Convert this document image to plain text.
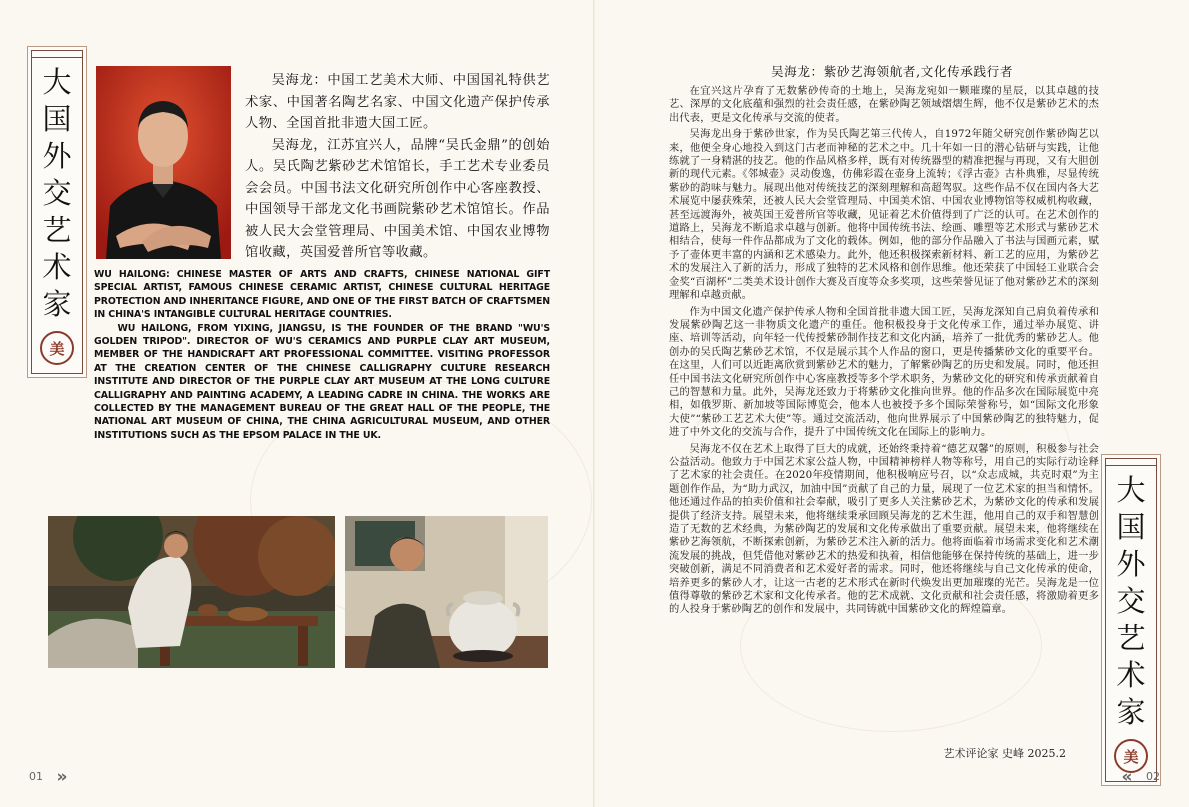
大
国
外
交
艺
术
家
美

吴海龙：中国工艺美术大师、中国国礼特供艺术家、中国著名陶艺名家、中国文化遗产保护传承人物、全国首批非遗大国工匠。

吴海龙，江苏宜兴人，品牌“吴氏金鼎”的创始人。吴氏陶艺紫砂艺术馆馆长，手工艺术专业委员会会员。中国书法文化研究所创作中心客座教授、中国领导干部龙文化书画院紫砂艺术馆馆长。作品被人民大会堂管理局、中国美术馆、中国农业博物馆收藏，英国爱普所官等收藏。

WU HAILONG: CHINESE MASTER OF ARTS AND CRAFTS, CHINESE NATIONAL GIFT SPECIAL ARTIST, FAMOUS CHINESE CERAMIC ARTIST, CHINESE CULTURAL HERITAGE PROTECTION AND INHERITANCE FIGURE, AND ONE OF THE FIRST BATCH OF CRAFTSMEN IN CHINA'S INTANGIBLE CULTURAL HERITAGE COUNTRIES.

WU HAILONG, FROM YIXING, JIANGSU, IS THE FOUNDER OF THE BRAND "WU'S GOLDEN TRIPOD". DIRECTOR OF WU'S CERAMICS AND PURPLE CLAY ART MUSEUM, MEMBER OF THE HANDICRAFT ART PROFESSIONAL COMMITTEE. VISITING PROFESSOR AT THE CREATION CENTER OF THE CHINESE CALLIGRAPHY CULTURE RESEARCH INSTITUTE AND DIRECTOR OF THE PURPLE CLAY ART MUSEUM AT THE LONG CULTURE CALLIGRAPHY AND PAINTING ACADEMY, A LEADING CADRE IN CHINA. THE WORKS ARE COLLECTED BY THE MANAGEMENT BUREAU OF THE GREAT HALL OF THE PEOPLE, THE NATIONAL ART MUSEUM OF CHINA, THE CHINA AGRICULTURAL MUSEUM, AND OTHER INSTITUTIONS SUCH AS THE EPSOM PALACE IN THE UK.

01 »
吴海龙：紫砂艺海领航者,文化传承践行者

在宜兴这片孕育了无数紫砂传奇的土地上，吴海龙宛如一颗璀璨的星辰，以其卓越的技艺、深厚的文化底蕴和强烈的社会责任感，在紫砂陶艺领域熠熠生辉，他不仅是紫砂艺术的杰出代表，更是文化传承与交流的使者。

吴海龙出身于紫砂世家，作为吴氏陶艺第三代传人，自1972年随父研究创作紫砂陶艺以来，他便全身心地投入到这门古老而神秘的艺术之中。几十年如一日的潜心钻研与实践，让他练就了一身精湛的技艺。他的作品风格多样，既有对传统器型的精准把握与再现，又有大胆创新的现代元素。《邻城壶》灵动俊逸，仿佛彩霞在壶身上流转；《浮古壶》古朴典雅，尽显传统紫砂的韵味与魅力。展现出他对传统技艺的深刻理解和高超驾驭。这些作品不仅在国内各大艺术展览中屡获殊荣，还被人民大会堂管理局、中国美术馆、中国农业博物馆等权威机构收藏，甚至远渡海外，被英国王爱普所官等收藏，见证着艺术价值得到了广泛的认可。在艺术创作的道路上，吴海龙不断追求卓越与创新。他将中国传统书法、绘画、雕塑等艺术形式与紫砂艺术相结合，使每一件作品都成为了文化的载体。例如，他的部分作品融入了书法与国画元素，赋予了壶体更丰富的内涵和艺术感染力。此外，他还积极探索新材料、新工艺的应用，为紫砂艺术的发展注入了新的活力，形成了独特的艺术风格和创作思维。他还荣获了中国轻工业联合会金奖“百湖杯”二类美术设计创作大赛及百度等众多奖项，这些荣誉见证了他对紫砂艺术的深刻理解和卓越贡献。

作为中国文化遗产保护传承人物和全国首批非遗大国工匠，吴海龙深知自己肩负着传承和发展紫砂陶艺这一非物质文化遗产的重任。他积极投身于文化传承工作，通过举办展览、讲座、培训等活动，向年轻一代传授紫砂制作技艺和文化内涵，培养了一批优秀的紫砂艺人。他创办的吴氏陶艺紫砂艺术馆，不仅是展示其个人作品的窗口，更是传播紫砂文化的重要平台。在这里，人们可以近距离欣赏到紫砂艺术的魅力，了解紫砂陶艺的历史和发展。同时，他还担任中国书法文化研究所创作中心客座教授等多个学术职务，为紫砂文化的研究和传承贡献着自己的智慧和力量。此外，吴海龙还致力于将紫砂文化推向世界。他的作品多次在国际展览中亮相，如俄罗斯、新加坡等国际博览会，他本人也被授予多个国际荣誉称号，如“国际文化形象大使”“紫砂工艺艺术大使”等。通过交流活动，他向世界展示了中国紫砂陶艺的独特魅力，促进了中外文化的交流与合作，提升了中国传统文化在国际上的影响力。

吴海龙不仅在艺术上取得了巨大的成就，还始终秉持着“德艺双馨”的原则，积极参与社会公益活动。他致力于中国艺术家公益人物，中国精神榜样人物等称号，用自己的实际行动诠释了艺术家的社会责任。在2020年疫情期间，他积极响应号召，以“众志成城，共克时艰”为主题创作作品，为“助力武汉，加油中国”贡献了自己的力量，展现了一位艺术家的担当和情怀。他还通过作品的拍卖价值和社会奉献，吸引了更多人关注紫砂艺术，为紫砂文化的传承和发展提供了经济支持。展望未来，他将继续秉承回顾吴海龙的艺术生涯，他用自己的双手和智慧创造了无数的艺术经典，为紫砂陶艺的发展和文化传承做出了重要贡献。展望未来，他将继续在紫砂艺海领航，不断探索创新，为紫砂艺术注入新的活力。他将面临着市场需求变化和艺术潮流发展的挑战，但凭借他对紫砂艺术的热爱和执着，相信他能够在保持传统的基础上，进一步突破创新，满足不同消费者和艺术爱好者的需求。同时，他还将继续与自己文化传承的使命，培养更多的紫砂人才，让这一古老的艺术形式在新时代焕发出更加璀璨的光芒。吴海龙是一位值得尊敬的紫砂艺术家和文化传承者。他的艺术成就、文化贡献和社会责任感，将激励着更多的人投身于紫砂陶艺的创作和发展中，共同铸就中国紫砂文化的辉煌篇章。

艺术评论家 史峰 2025.2
大
国
外
交
艺
术
家
美
« 02
